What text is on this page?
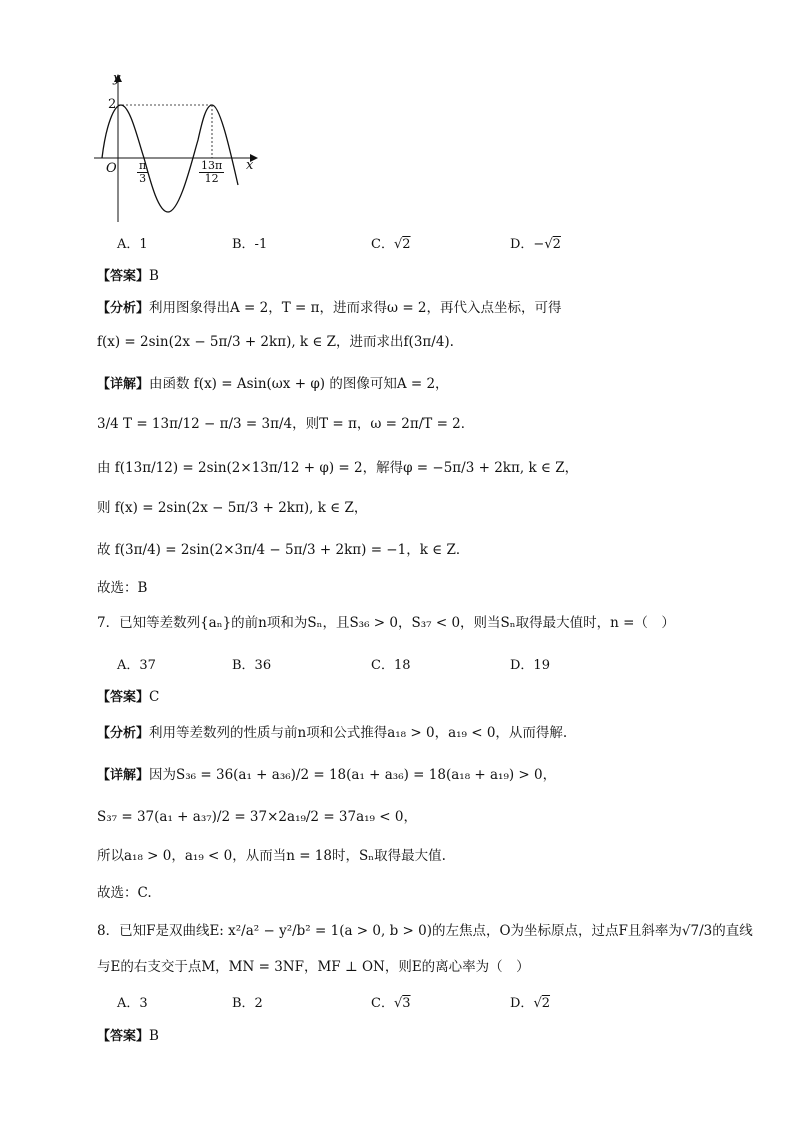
y
x
O
2
$\frac{\pi}{3}$	$\frac{13\pi}{12}$
A．1	B．-1	C．√2	D．−√2
【答案】B
【分析】利用图象得出A = 2，T = π，进而求得ω = 2，再代入点坐标，可得
f(x) = 2sin(2x − 5π/3 + 2kπ), k ∈ Z，进而求出f(3π/4).
【详解】由函数 f(x) = Asin(ωx + φ) 的图像可知A = 2，
3/4 T = 13π/12 − π/3 = 3π/4，则T = π，ω = 2π/T = 2．
由 f(13π/12) = 2sin(2×13π/12 + φ) = 2，解得φ = −5π/3 + 2kπ, k ∈ Z，
则 f(x) = 2sin(2x − 5π/3 + 2kπ), k ∈ Z，
故 f(3π/4) = 2sin(2×3π/4 − 5π/3 + 2kπ) = −1，k ∈ Z．
故选：B
7．已知等差数列{aₙ}的前n项和为Sₙ，且S₃₆ > 0，S₃₇ < 0，则当Sₙ取得最大值时，n =（　）
A．37	B．36	C．18	D．19
【答案】C
【分析】利用等差数列的性质与前n项和公式推得a₁₈ > 0，a₁₉ < 0，从而得解.
【详解】因为S₃₆ = 36(a₁ + a₃₆)/2 = 18(a₁ + a₃₆) = 18(a₁₈ + a₁₉) > 0，
S₃₇ = 37(a₁ + a₃₇)/2 = 37×2a₁₉/2 = 37a₁₉ < 0，
所以a₁₈ > 0，a₁₉ < 0，从而当n = 18时，Sₙ取得最大值.
故选：C.
8．已知F是双曲线E: x²/a² − y²/b² = 1(a > 0, b > 0)的左焦点，O为坐标原点，过点F且斜率为√7/3的直线
与E的右支交于点M，MN = 3NF，MF ⊥ ON，则E的离心率为（　）
A．3	B．2	C．√3	D．√2
【答案】B
